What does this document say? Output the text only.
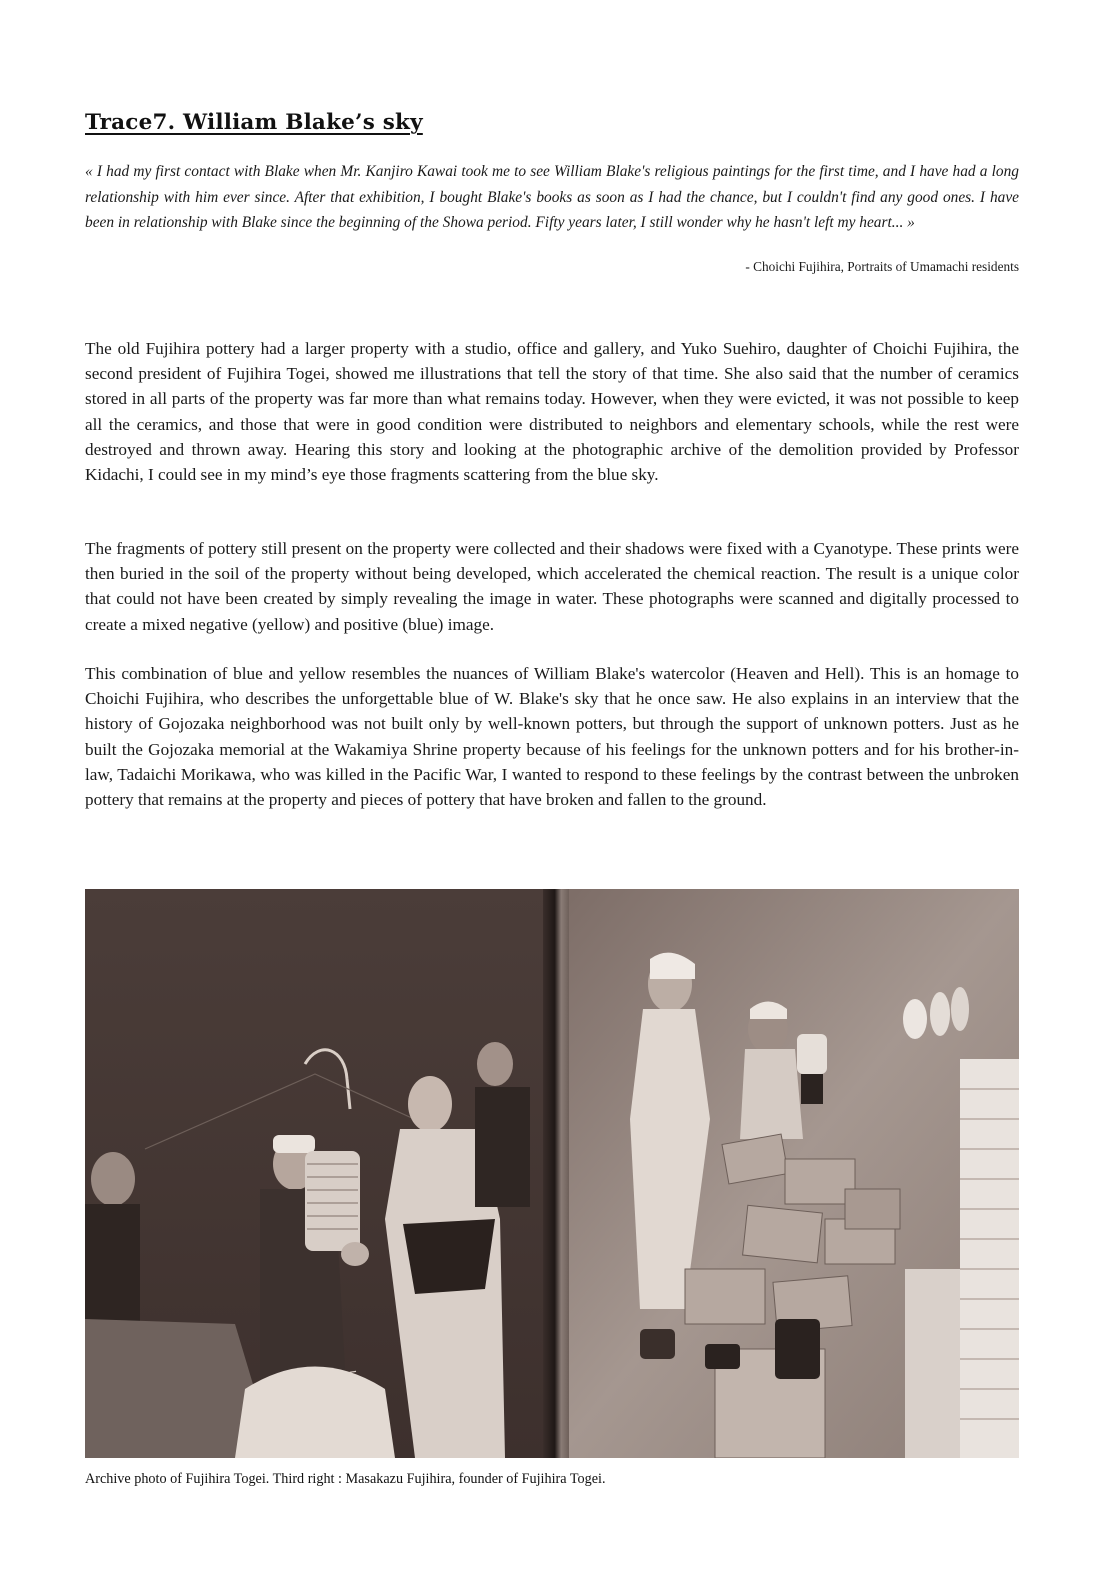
Trace7. William Blake’s sky
« I had my first contact with Blake when Mr. Kanjiro Kawai took me to see William Blake's religious paintings for the first time, and I have had a long relationship with him ever since. After that exhibition, I bought Blake's books as soon as I had the chance, but I couldn't find any good ones. I have been in relationship with Blake since the beginning of the Showa period. Fifty years later, I still wonder why he hasn't left my heart... »
- Choichi Fujihira, Portraits of Umamachi residents

The old Fujihira pottery had a larger property with a studio, office and gallery, and Yuko Suehiro, daughter of Choichi Fujihira, the second president of Fujihira Togei, showed me illustrations that tell the story of that time. She also said that the number of ceramics stored in all parts of the property was far more than what remains today. However, when they were evicted, it was not possible to keep all the ceramics, and those that were in good condition were distributed to neighbors and elementary schools, while the rest were destroyed and thrown away. Hearing this story and looking at the photographic archive of the demolition provided by Professor Kidachi, I could see in my mind’s eye those fragments scattering from the blue sky.

The fragments of pottery still present on the property were collected and their shadows were fixed with a Cyanotype. These prints were then buried in the soil of the property without being developed, which accelerated the chemical reaction. The result is a unique color that could not have been created by simply revealing the image in water. These photographs were scanned and digitally processed to create a mixed negative (yellow) and positive (blue) image.

This combination of blue and yellow resembles the nuances of William Blake's watercolor (Heaven and Hell). This is an homage to Choichi Fujihira, who describes the unforgettable blue of W. Blake's sky that he once saw. He also explains in an interview that the history of Gojozaka neighborhood was not built only by well-known potters, but through the support of unknown potters. Just as he built the Gojozaka memorial at the Wakamiya Shrine property because of his feelings for the unknown potters and for his brother-in-law, Tadaichi Morikawa, who was killed in the Pacific War, I wanted to respond to these feelings by the contrast between the unbroken pottery that remains at the property and pieces of pottery that have broken and fallen to the ground.

Archive photo of Fujihira Togei. Third right : Masakazu Fujihira, founder of Fujihira Togei.
